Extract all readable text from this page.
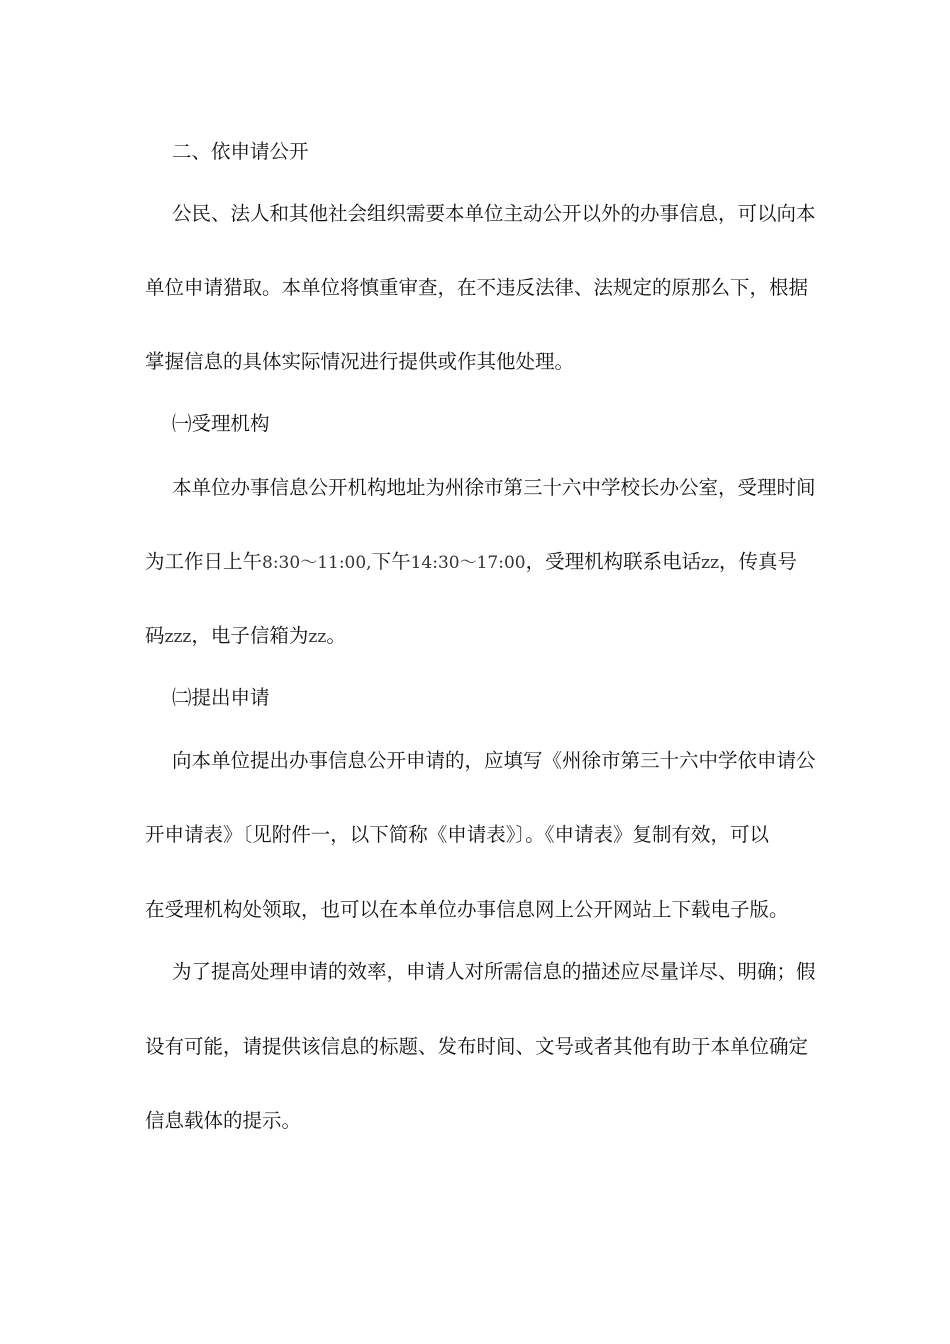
二、依申请公开
公民、法人和其他社会组织需要本单位主动公开以外的办事信息，可以向本
单位申请猎取。本单位将慎重审查，在不违反法律、法规定的原那么下，根据
掌握信息的具体实际情况进行提供或作其他处理。
㈠受理机构
本单位办事信息公开机构地址为州徐市第三十六中学校长办公室，受理时间
为工作日上午8:30～11:00,下午14:30～17:00，受理机构联系电话zz，传真号
码zzz，电子信箱为zz。
㈡提出申请
向本单位提出办事信息公开申请的，应填写《州徐市第三十六中学依申请公
开申请表》〔见附件一，以下简称《申请表》〕。《申请表》复制有效，可以
在受理机构处领取，也可以在本单位办事信息网上公开网站上下载电子版。
为了提高处理申请的效率，申请人对所需信息的描述应尽量详尽、明确；假
设有可能，请提供该信息的标题、发布时间、文号或者其他有助于本单位确定
信息载体的提示。
